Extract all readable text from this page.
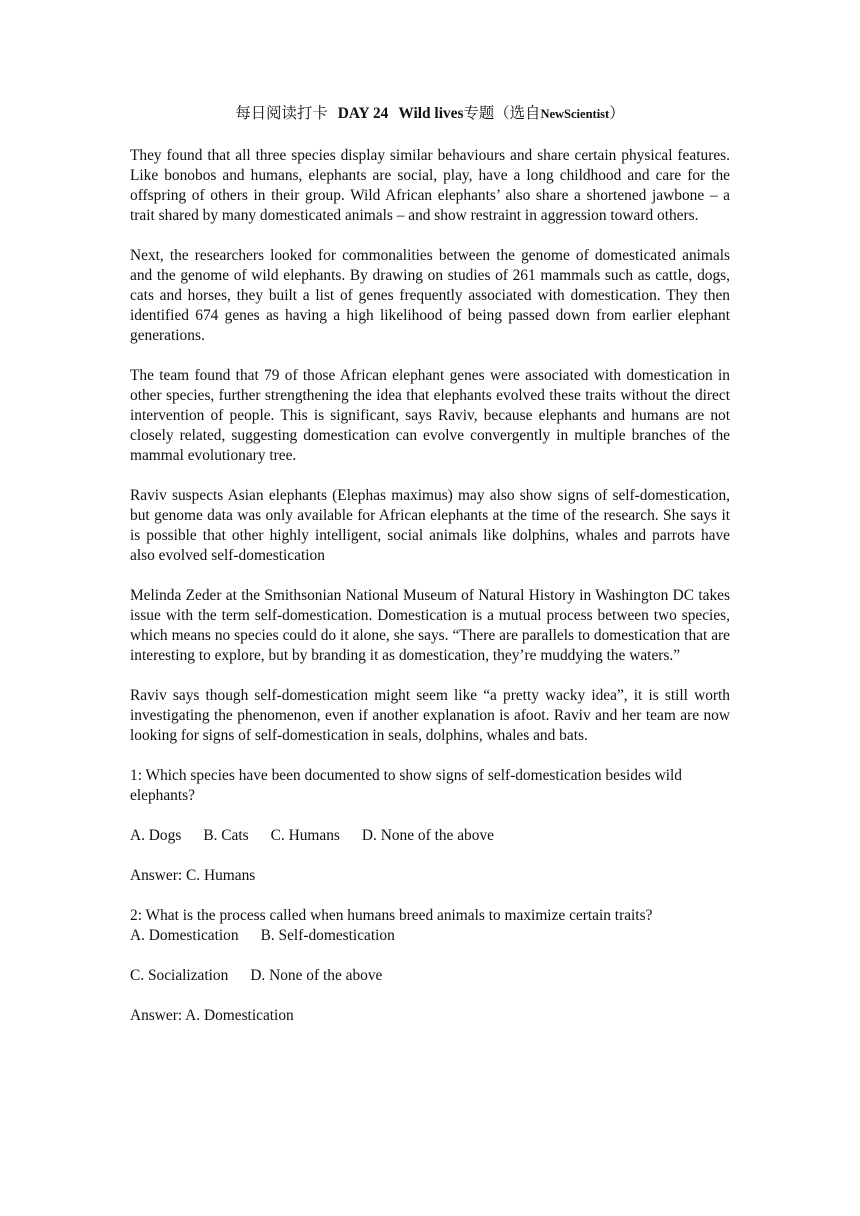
每日阅读打卡 DAY 24 Wild lives专题（选自NewScientist）

They found that all three species display similar behaviours and share certain physical features. Like bonobos and humans, elephants are social, play, have a long childhood and care for the offspring of others in their group. Wild African elephants’ also share a shortened jawbone – a trait shared by many domesticated animals – and show restraint in aggression toward others.

Next, the researchers looked for commonalities between the genome of domesticated animals and the genome of wild elephants. By drawing on studies of 261 mammals such as cattle, dogs, cats and horses, they built a list of genes frequently associated with domestication. They then identified 674 genes as having a high likelihood of being passed down from earlier elephant generations.

The team found that 79 of those African elephant genes were associated with domestication in other species, further strengthening the idea that elephants evolved these traits without the direct intervention of people. This is significant, says Raviv, because elephants and humans are not closely related, suggesting domestication can evolve convergently in multiple branches of the mammal evolutionary tree.

Raviv suspects Asian elephants (Elephas maximus) may also show signs of self-domestication, but genome data was only available for African elephants at the time of the research. She says it is possible that other highly intelligent, social animals like dolphins, whales and parrots have also evolved self-domestication

Melinda Zeder at the Smithsonian National Museum of Natural History in Washington DC takes issue with the term self-domestication. Domestication is a mutual process between two species, which means no species could do it alone, she says. “There are parallels to domestication that are interesting to explore, but by branding it as domestication, they’re muddying the waters.”

Raviv says though self-domestication might seem like “a pretty wacky idea”, it is still worth investigating the phenomenon, even if another explanation is afoot. Raviv and her team are now looking for signs of self-domestication in seals, dolphins, whales and bats.

1: Which species have been documented to show signs of self-domestication besides wild elephants?
A. Dogs B. Cats C. Humans D. None of the above
Answer: C. Humans
2: What is the process called when humans breed animals to maximize certain traits?
A. Domestication B. Self-domestication
C. Socialization D. None of the above
Answer: A. Domestication
